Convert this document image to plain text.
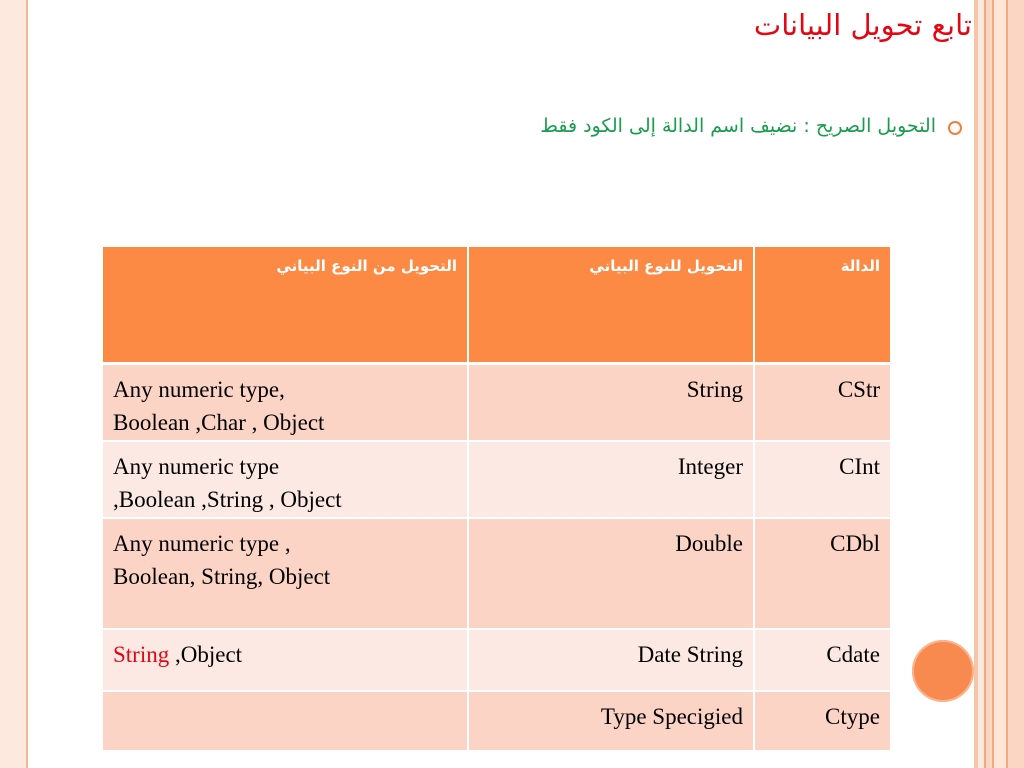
تابع تحويل البيانات
التحويل الصريح : نضيف اسم الدالة إلى الكود فقط
التحويل من النوع البياني	التحويل للنوع البياني	الدالة
Any numeric type,
Boolean ,Char , Object	String	CStr
Any numeric type
,Boolean ,String , Object	Integer	CInt
Any numeric type ,
Boolean, String, Object	Double	CDbl
String ,Object	Date String	Cdate
	Type Specigied	Ctype
